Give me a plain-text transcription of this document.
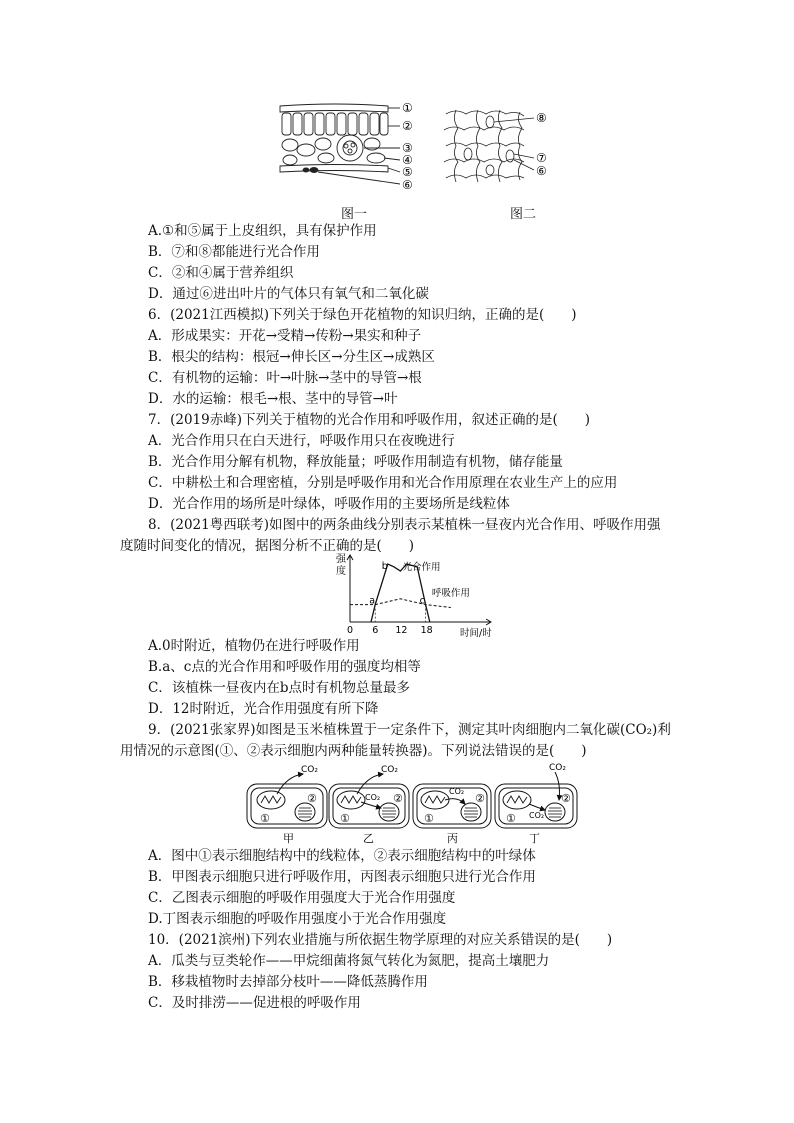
①
②
③
④
⑤
⑥
图一
⑧
⑦
⑥
图二
A.①和⑤属于上皮组织，具有保护作用
B．⑦和⑧都能进行光合作用
C．②和④属于营养组织
D．通过⑥进出叶片的气体只有氧气和二氧化碳
6．(2021江西模拟)下列关于绿色开花植物的知识归纳，正确的是(　　)
A．形成果实：开花→受精→传粉→果实和种子
B．根尖的结构：根冠→伸长区→分生区→成熟区
C．有机物的运输：叶→叶脉→茎中的导管→根
D．水的运输：根毛→根、茎中的导管→叶
7．(2019赤峰)下列关于植物的光合作用和呼吸作用，叙述正确的是(　　)
A．光合作用只在白天进行，呼吸作用只在夜晚进行
B．光合作用分解有机物，释放能量；呼吸作用制造有机物，储存能量
C．中耕松土和合理密植，分别是呼吸作用和光合作用原理在农业生产上的应用
D．光合作用的场所是叶绿体，呼吸作用的主要场所是线粒体
8．(2021粤西联考)如图中的两条曲线分别表示某植株一昼夜内光合作用、呼吸作用强
度随时间变化的情况，据图分析不正确的是(　　)
光合作用
呼吸作用
a
b
c
0 6 12 18
强
度
时间/时
A.0时附近，植物仍在进行呼吸作用
B.a、c点的光合作用和呼吸作用的强度均相等
C．该植株一昼夜内在b点时有机物总量最多
D．12时附近，光合作用强度有所下降
9．(2021张家界)如图是玉米植株置于一定条件下，测定其叶肉细胞内二氧化碳(CO₂)利
用情况的示意图(①、②表示细胞内两种能量转换器)。下列说法错误的是(　　)
CO₂
①
②
甲
CO₂
CO₂
①
②
乙
CO₂
①
②
丙
CO₂
CO₂
①
②
丁
A．图中①表示细胞结构中的线粒体，②表示细胞结构中的叶绿体
B．甲图表示细胞只进行呼吸作用，丙图表示细胞只进行光合作用
C．乙图表示细胞的呼吸作用强度大于光合作用强度
D.丁图表示细胞的呼吸作用强度小于光合作用强度
10．(2021滨州)下列农业措施与所依据生物学原理的对应关系错误的是(　　)
A．瓜类与豆类轮作——甲烷细菌将氮气转化为氮肥，提高土壤肥力
B．移栽植物时去掉部分枝叶——降低蒸腾作用
C．及时排涝——促进根的呼吸作用
